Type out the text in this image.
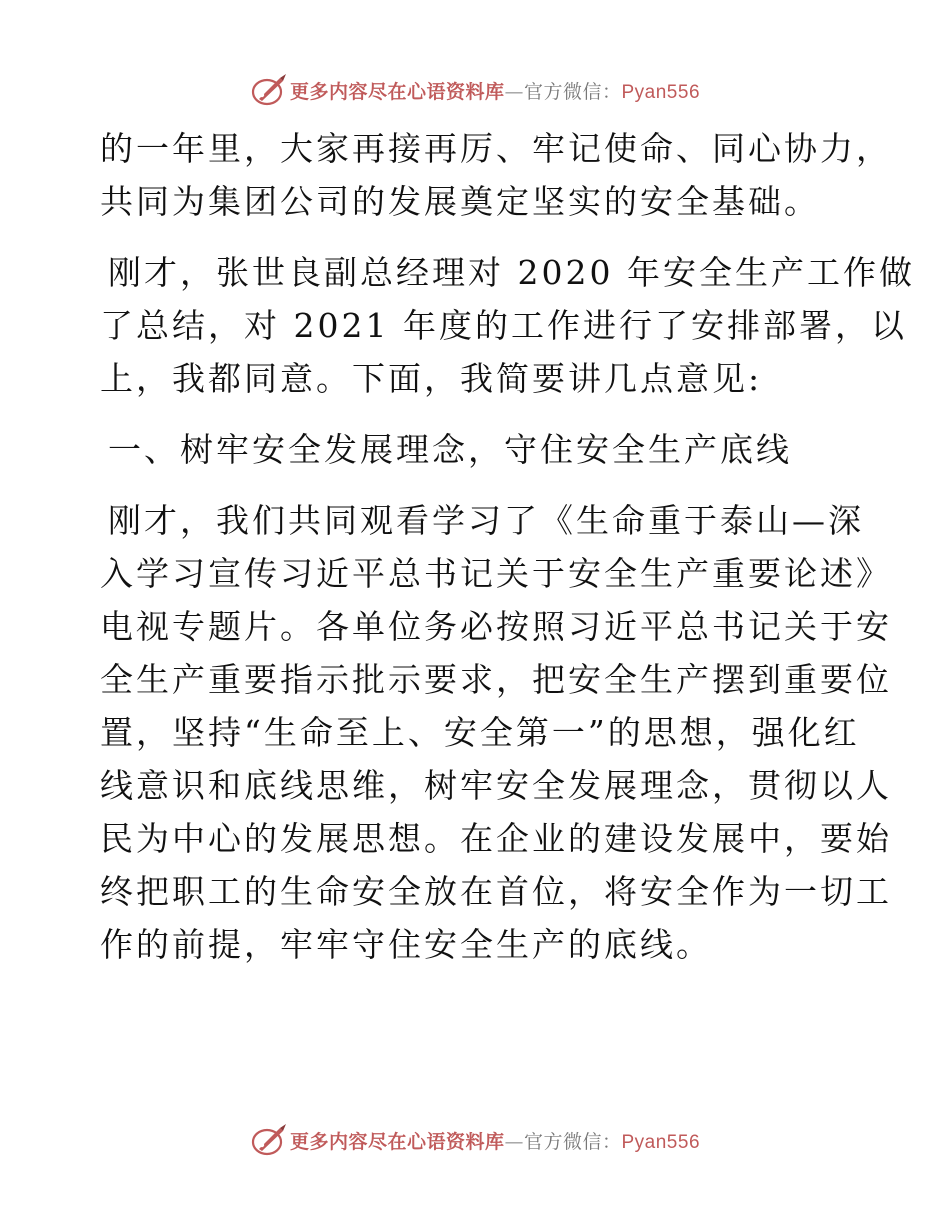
更多内容尽在心语资料库—官方微信：Pyan556
的一年里，大家再接再厉、牢记使命、同心协力，
共同为集团公司的发展奠定坚实的安全基础。
刚才，张世良副总经理对 2020 年安全生产工作做
了总结，对 2021 年度的工作进行了安排部署，以
上，我都同意。下面，我简要讲几点意见:
一、树牢安全发展理念，守住安全生产底线
刚才，我们共同观看学习了《生命重于泰山—深
入学习宣传习近平总书记关于安全生产重要论述》
电视专题片。各单位务必按照习近平总书记关于安
全生产重要指示批示要求，把安全生产摆到重要位
置，坚持“生命至上、安全第一”的思想，强化红
线意识和底线思维，树牢安全发展理念，贯彻以人
民为中心的发展思想。在企业的建设发展中，要始
终把职工的生命安全放在首位，将安全作为一切工
作的前提，牢牢守住安全生产的底线。
更多内容尽在心语资料库—官方微信：Pyan556
